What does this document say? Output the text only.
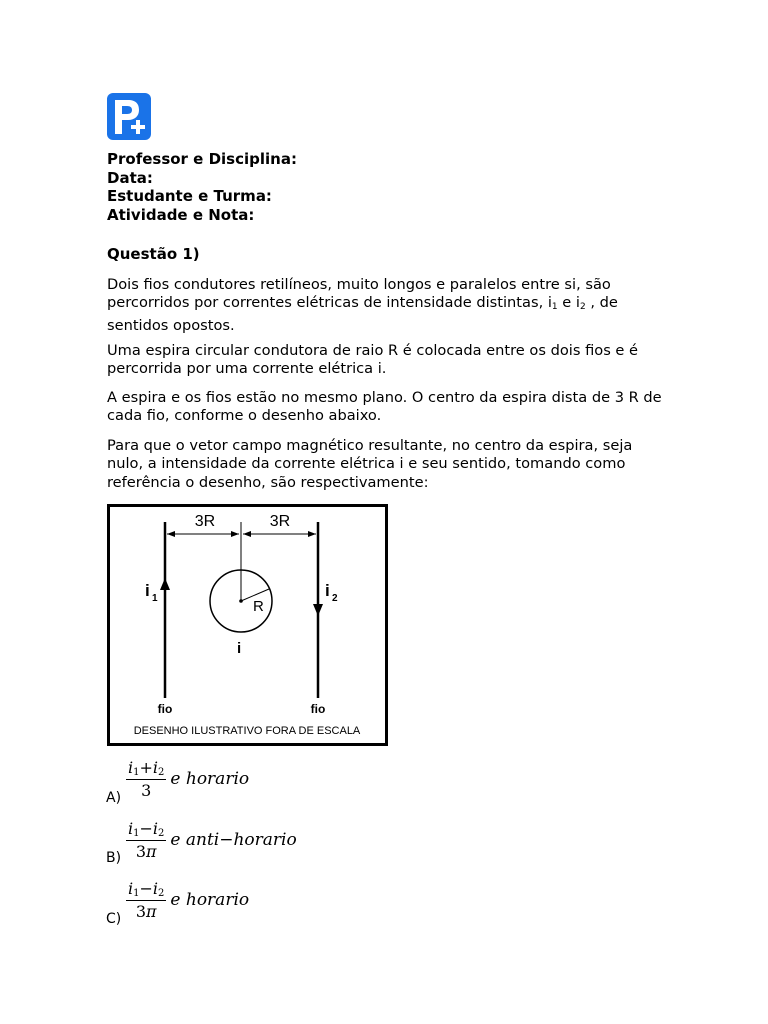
Professor e Disciplina:
Data:
Estudante e Turma:
Atividade e Nota:
Questão 1)
Dois fios condutores retilíneos, muito longos e paralelos entre si, são percorridos por correntes elétricas de intensidade distintas, $i_1$ e $i_2$ , de sentidos opostos.
Uma espira circular condutora de raio R é colocada entre os dois fios e é percorrida por uma corrente elétrica i.
A espira e os fios estão no mesmo plano. O centro da espira dista de 3 R de cada fio, conforme o desenho abaixo.
Para que o vetor campo magnético resultante, no centro da espira, seja nulo, a intensidade da corrente elétrica i e seu sentido, tomando como referência o desenho, são respectivamente:
3R	3R
R
i
i 1	i 2
fio	fio
DESENHO ILUSTRATIVO FORA DE ESCALA
$A) \frac{i_1+i_2}{3}$ e horario
$B) \frac{i_1-i_2}{3\pi}$ e anti−horario
$C) \frac{i_1-i_2}{3\pi}$ e horario
